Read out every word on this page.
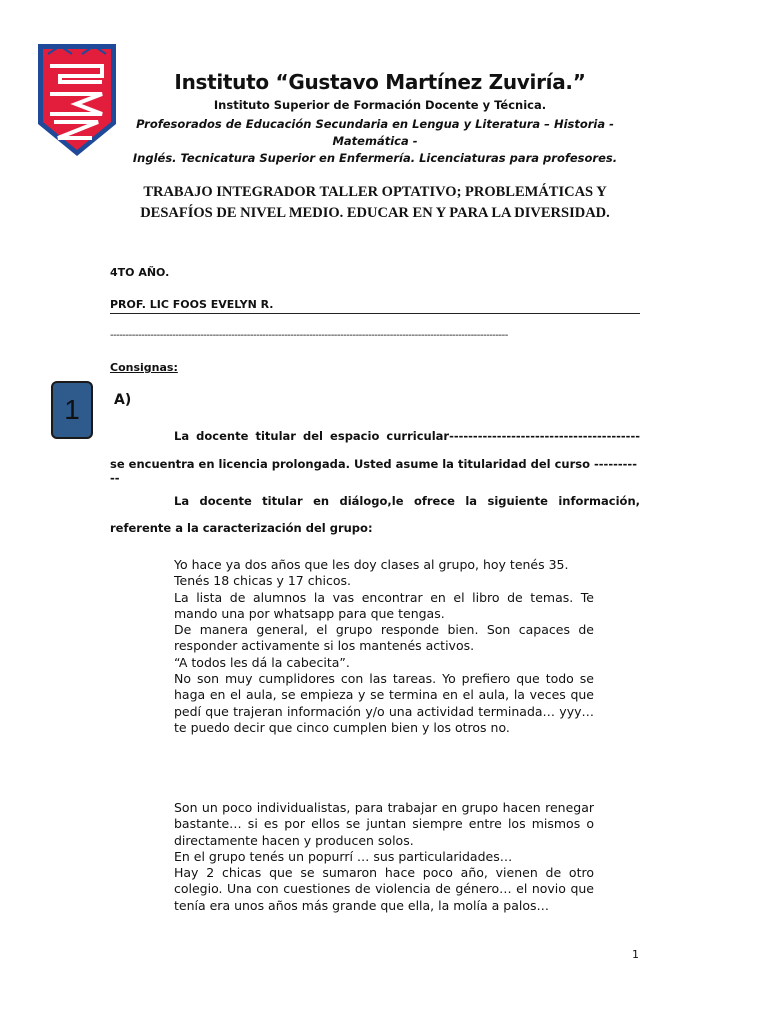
Instituto “Gustavo Martínez Zuviría.”
Instituto Superior de Formación Docente y Técnica.
Profesorados de Educación Secundaria en Lengua y Literatura – Historia - Matemática -
Inglés. Tecnicatura Superior en Enfermería. Licenciaturas para profesores.
TRABAJO INTEGRADOR TALLER OPTATIVO; PROBLEMÁTICAS Y
DESAFÍOS DE NIVEL MEDIO. EDUCAR EN Y PARA LA DIVERSIDAD.
4TO AÑO.
PROF. LIC FOOS EVELYN R.
--------------------------------------------------------------------------------------------------------------------------------
Consignas:
1	A)
La docente titular del espacio curricular----------------------------------------
se encuentra en licencia prolongada. Usted asume la titularidad del curso -----------
La docente titular en diálogo,le ofrece la siguiente información,
referente a la caracterización del grupo:
Yo hace ya dos años que les doy clases al grupo, hoy tenés 35.
Tenés 18 chicas y 17 chicos.
La lista de alumnos la vas encontrar en el libro de temas. Te mando una por whatsapp para que tengas.
De manera general, el grupo responde bien. Son capaces de responder activamente si los mantenés activos.
“A todos les dá la cabecita”.
No son muy cumplidores con las tareas. Yo prefiero que todo se haga en el aula, se empieza y se termina en el aula, la veces que pedí que trajeran información y/o una actividad terminada… yyy… te puedo decir que cinco cumplen bien y los otros no.
Son un poco individualistas, para trabajar en grupo hacen renegar bastante… si es por ellos se juntan siempre entre los mismos o directamente hacen y producen solos.
En el grupo tenés un popurrí … sus particularidades…
Hay 2 chicas que se sumaron hace poco año, vienen de otro colegio. Una con cuestiones de violencia de género… el novio que tenía era unos años más grande que ella, la molía a palos…
1
